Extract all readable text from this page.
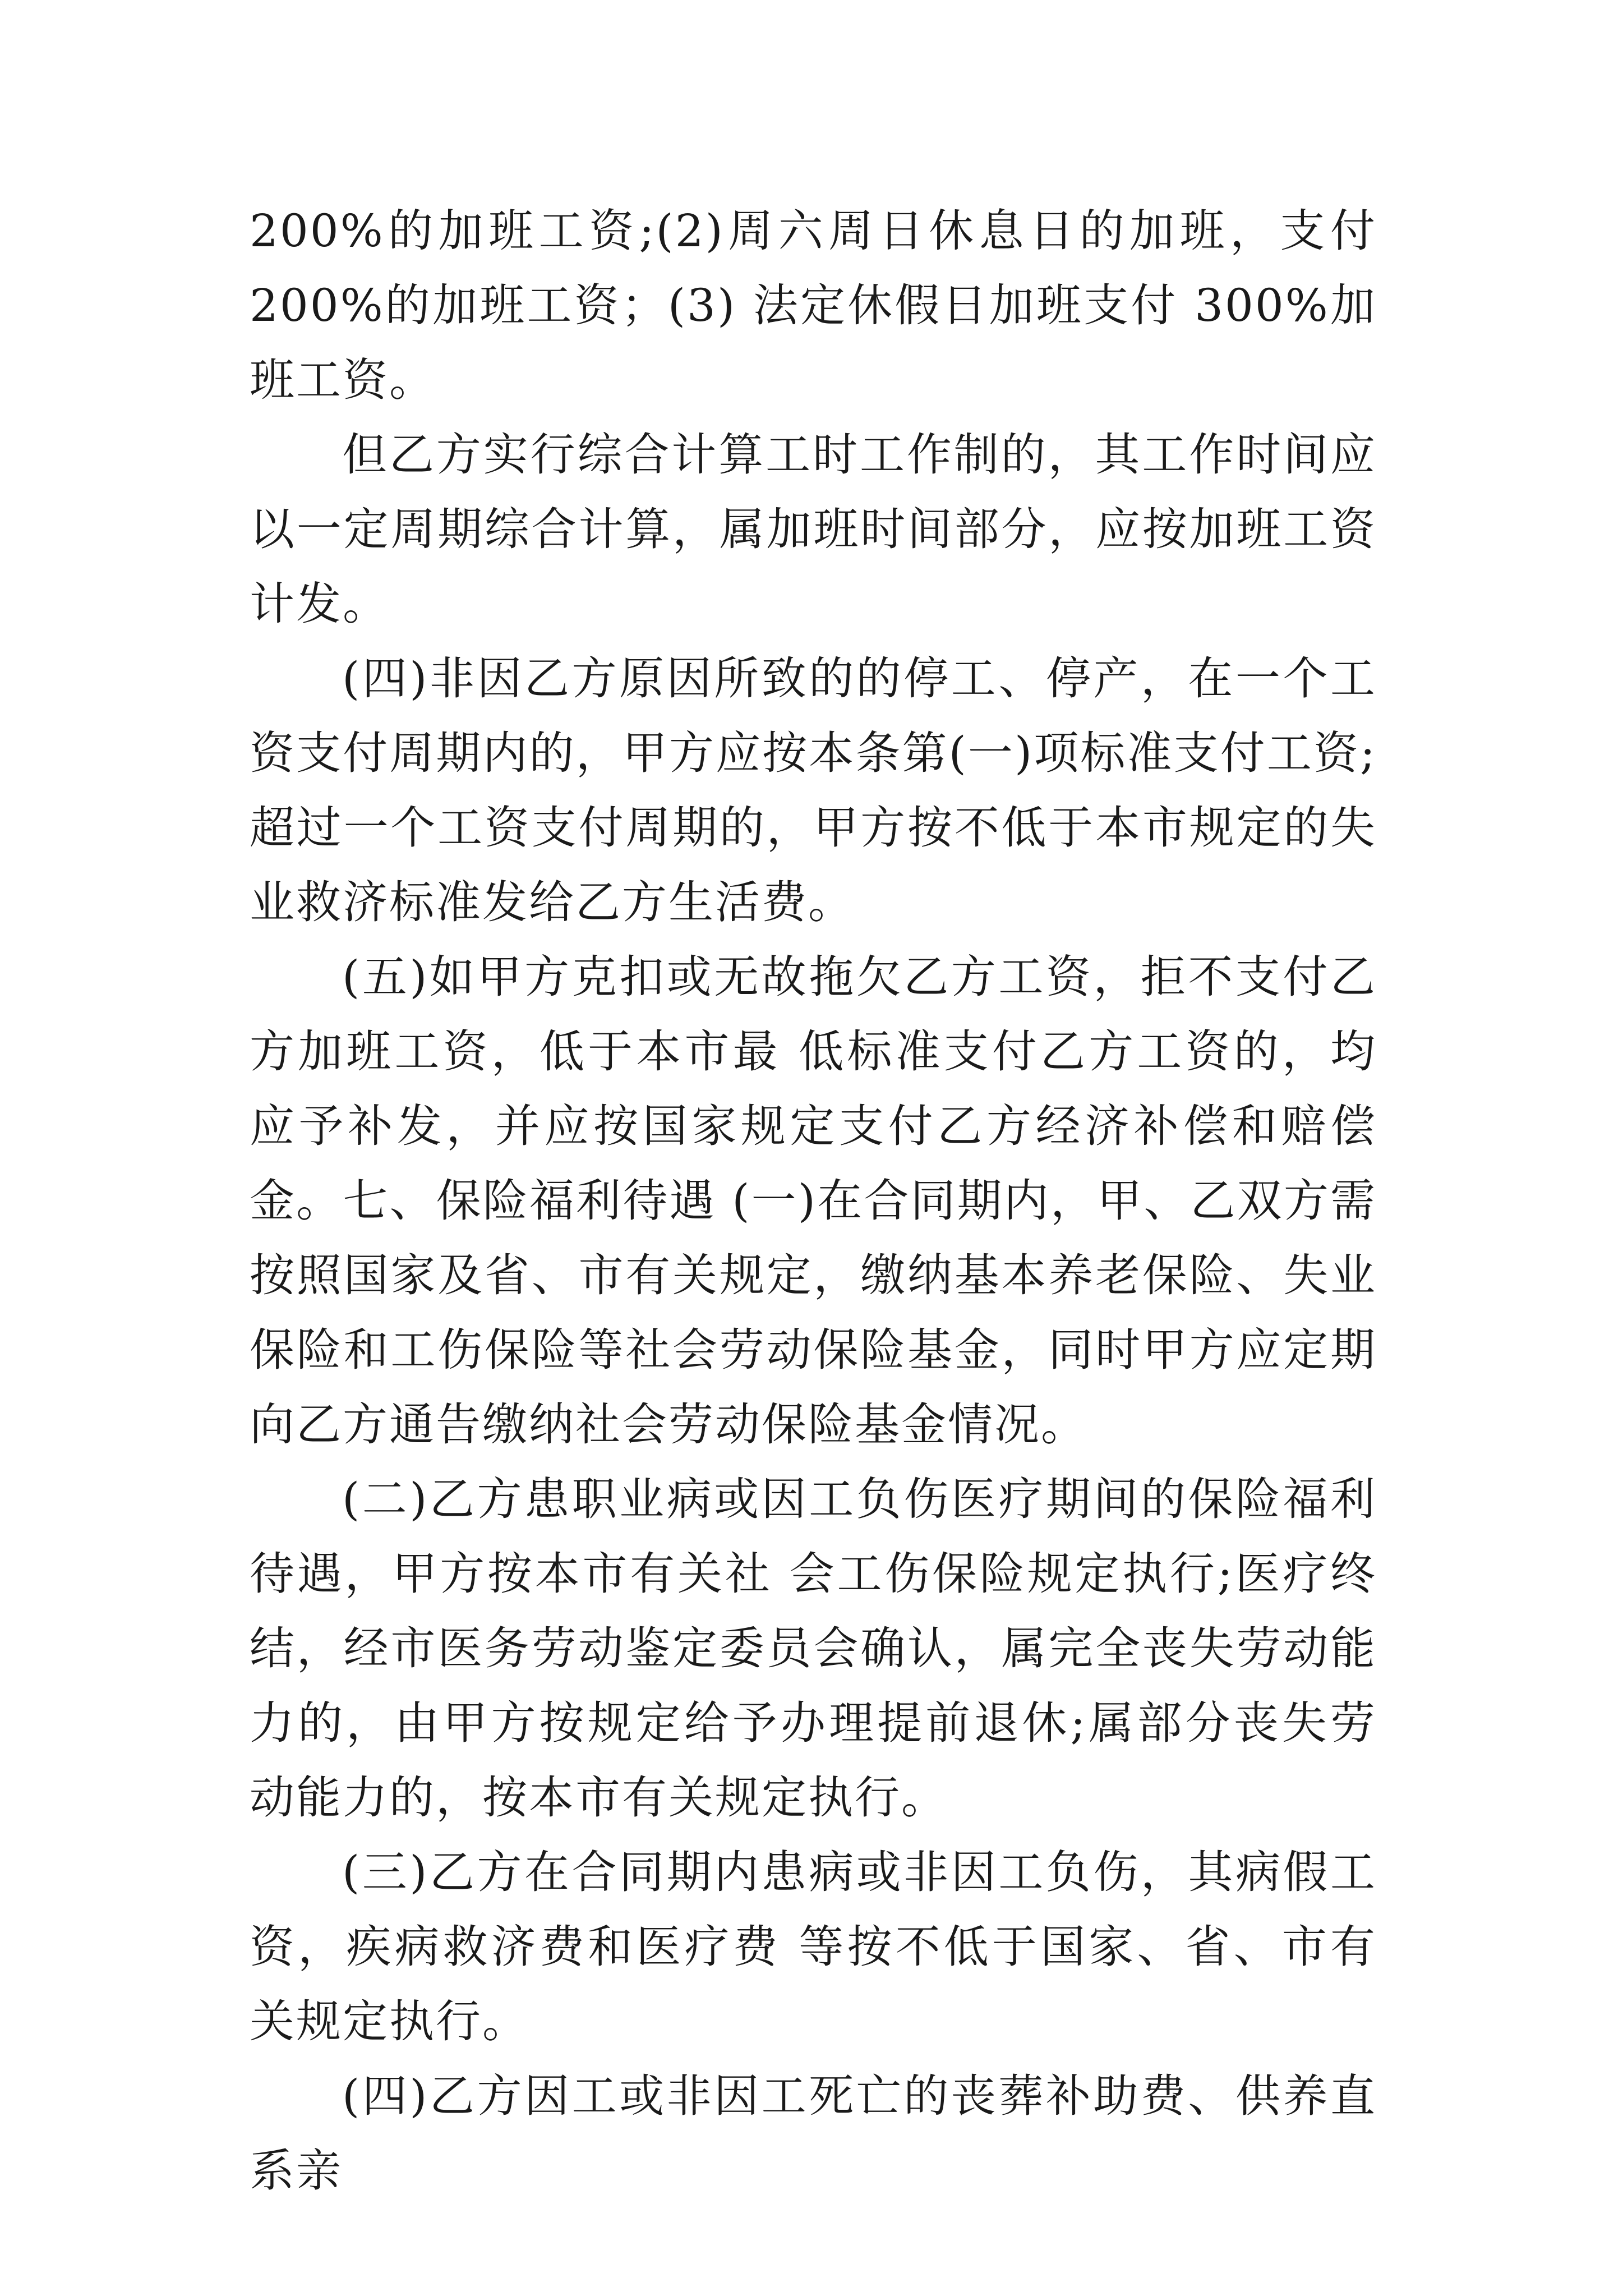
200%的加班工资;(2)周六周日休息日的加班，支付 200%的加班工资；(3) 法定休假日加班支付 300%加班工资。

但乙方实行综合计算工时工作制的，其工作时间应以一定周期综合计算，属加班时间部分，应按加班工资计发。

(四)非因乙方原因所致的的停工、停产，在一个工资支付周期内的，甲方应按本条第(一)项标准支付工资;超过一个工资支付周期的，甲方按不低于本市规定的失业救济标准发给乙方生活费。

(五)如甲方克扣或无故拖欠乙方工资，拒不支付乙方加班工资，低于本市最 低标准支付乙方工资的，均应予补发，并应按国家规定支付乙方经济补偿和赔偿 金。七、保险福利待遇 (一)在合同期内，甲、乙双方需按照国家及省、市有关规定，缴纳基本养老保险、失业保险和工伤保险等社会劳动保险基金，同时甲方应定期向乙方通告缴纳社会劳动保险基金情况。

(二)乙方患职业病或因工负伤医疗期间的保险福利待遇，甲方按本市有关社 会工伤保险规定执行;医疗终结，经市医务劳动鉴定委员会确认，属完全丧失劳动能力的，由甲方按规定给予办理提前退休;属部分丧失劳动能力的，按本市有关规定执行。

(三)乙方在合同期内患病或非因工负伤，其病假工资，疾病救济费和医疗费 等按不低于国家、省、市有关规定执行。

(四)乙方因工或非因工死亡的丧葬补助费、供养直系亲
